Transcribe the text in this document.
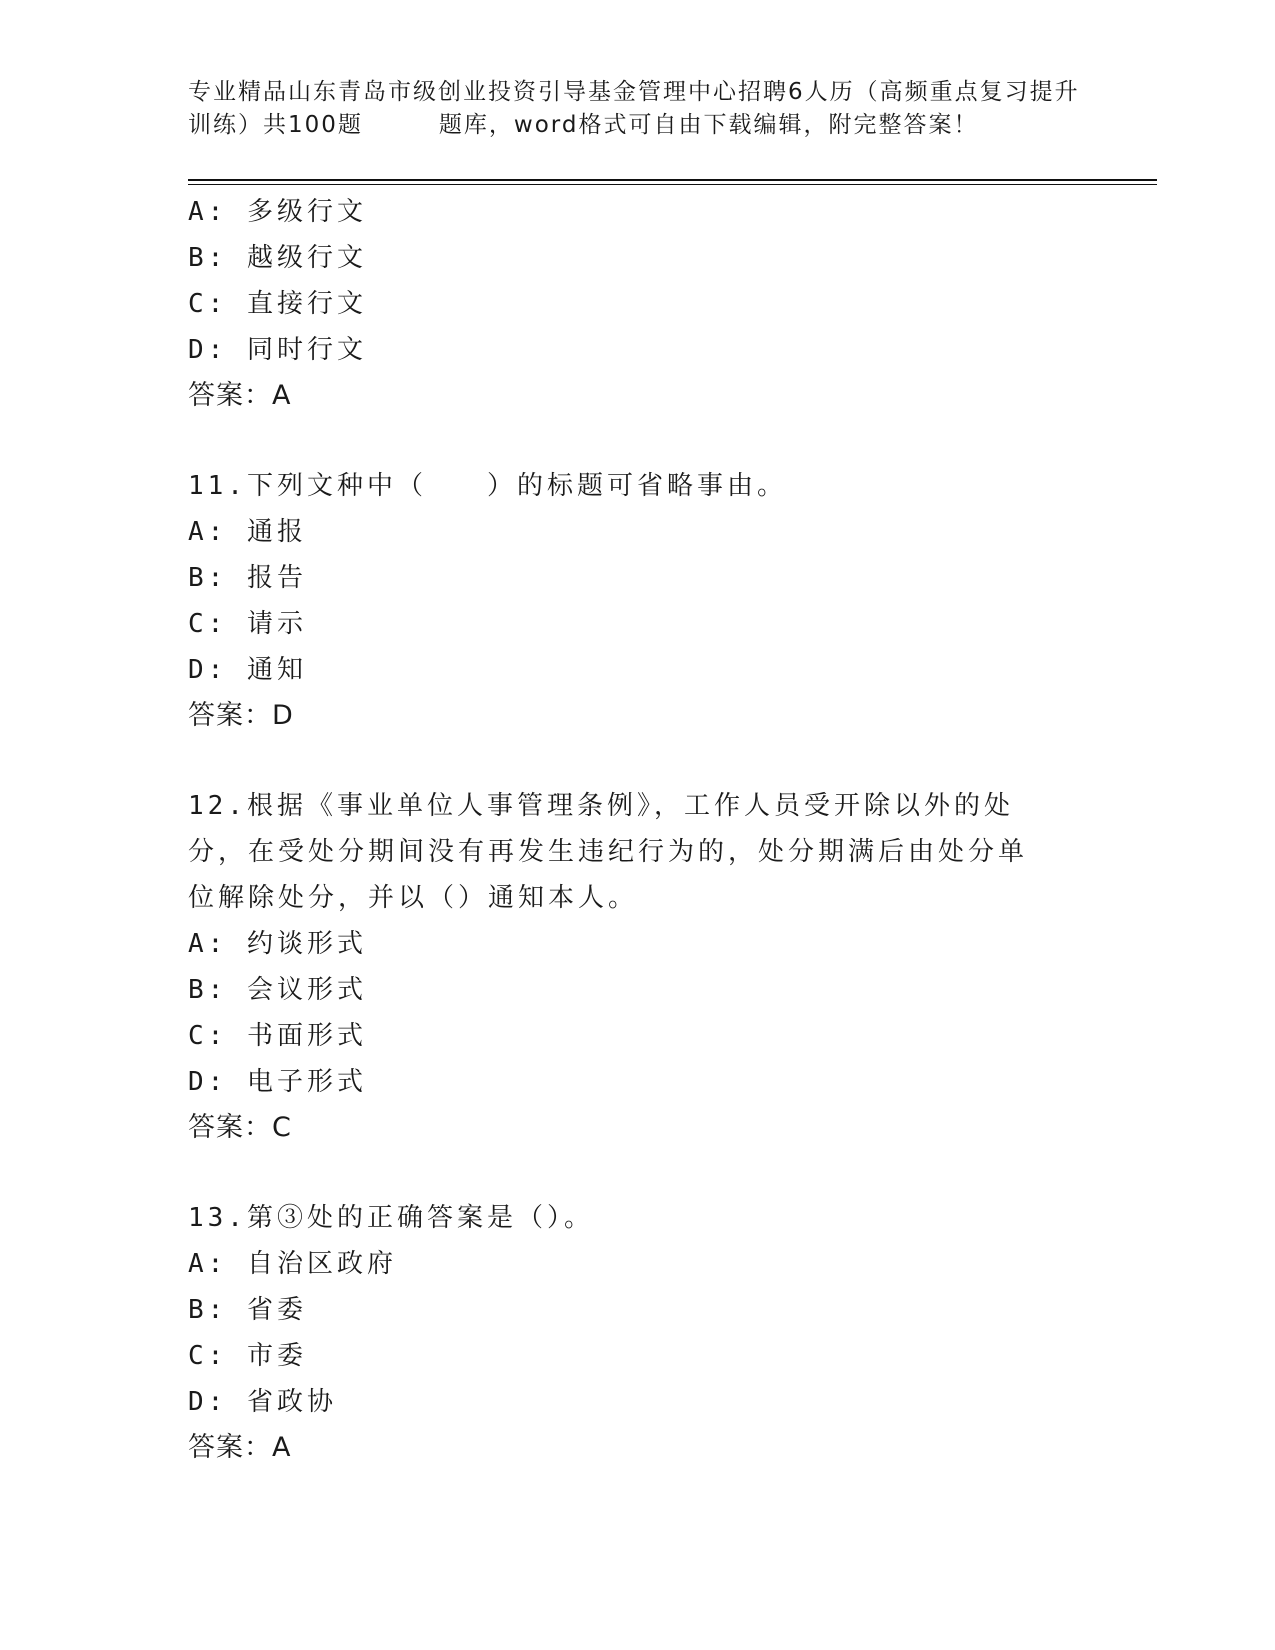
专业精品山东青岛市级创业投资引导基金管理中心招聘6人历（高频重点复习提升训练）共100题	题库，word格式可自由下载编辑，附完整答案！
A: 多级行文
B: 越级行文
C: 直接行文
D: 同时行文
答案：A
11.下列文种中（　　）的标题可省略事由。
A: 通报
B: 报告
C: 请示
D: 通知
答案：D
12.根据《事业单位人事管理条例》，工作人员受开除以外的处分，在受处分期间没有再发生违纪行为的，处分期满后由处分单位解除处分，并以（）通知本人。
A: 约谈形式
B: 会议形式
C: 书面形式
D: 电子形式
答案：C
13.第③处的正确答案是（）。
A: 自治区政府
B: 省委
C: 市委
D: 省政协
答案：A
